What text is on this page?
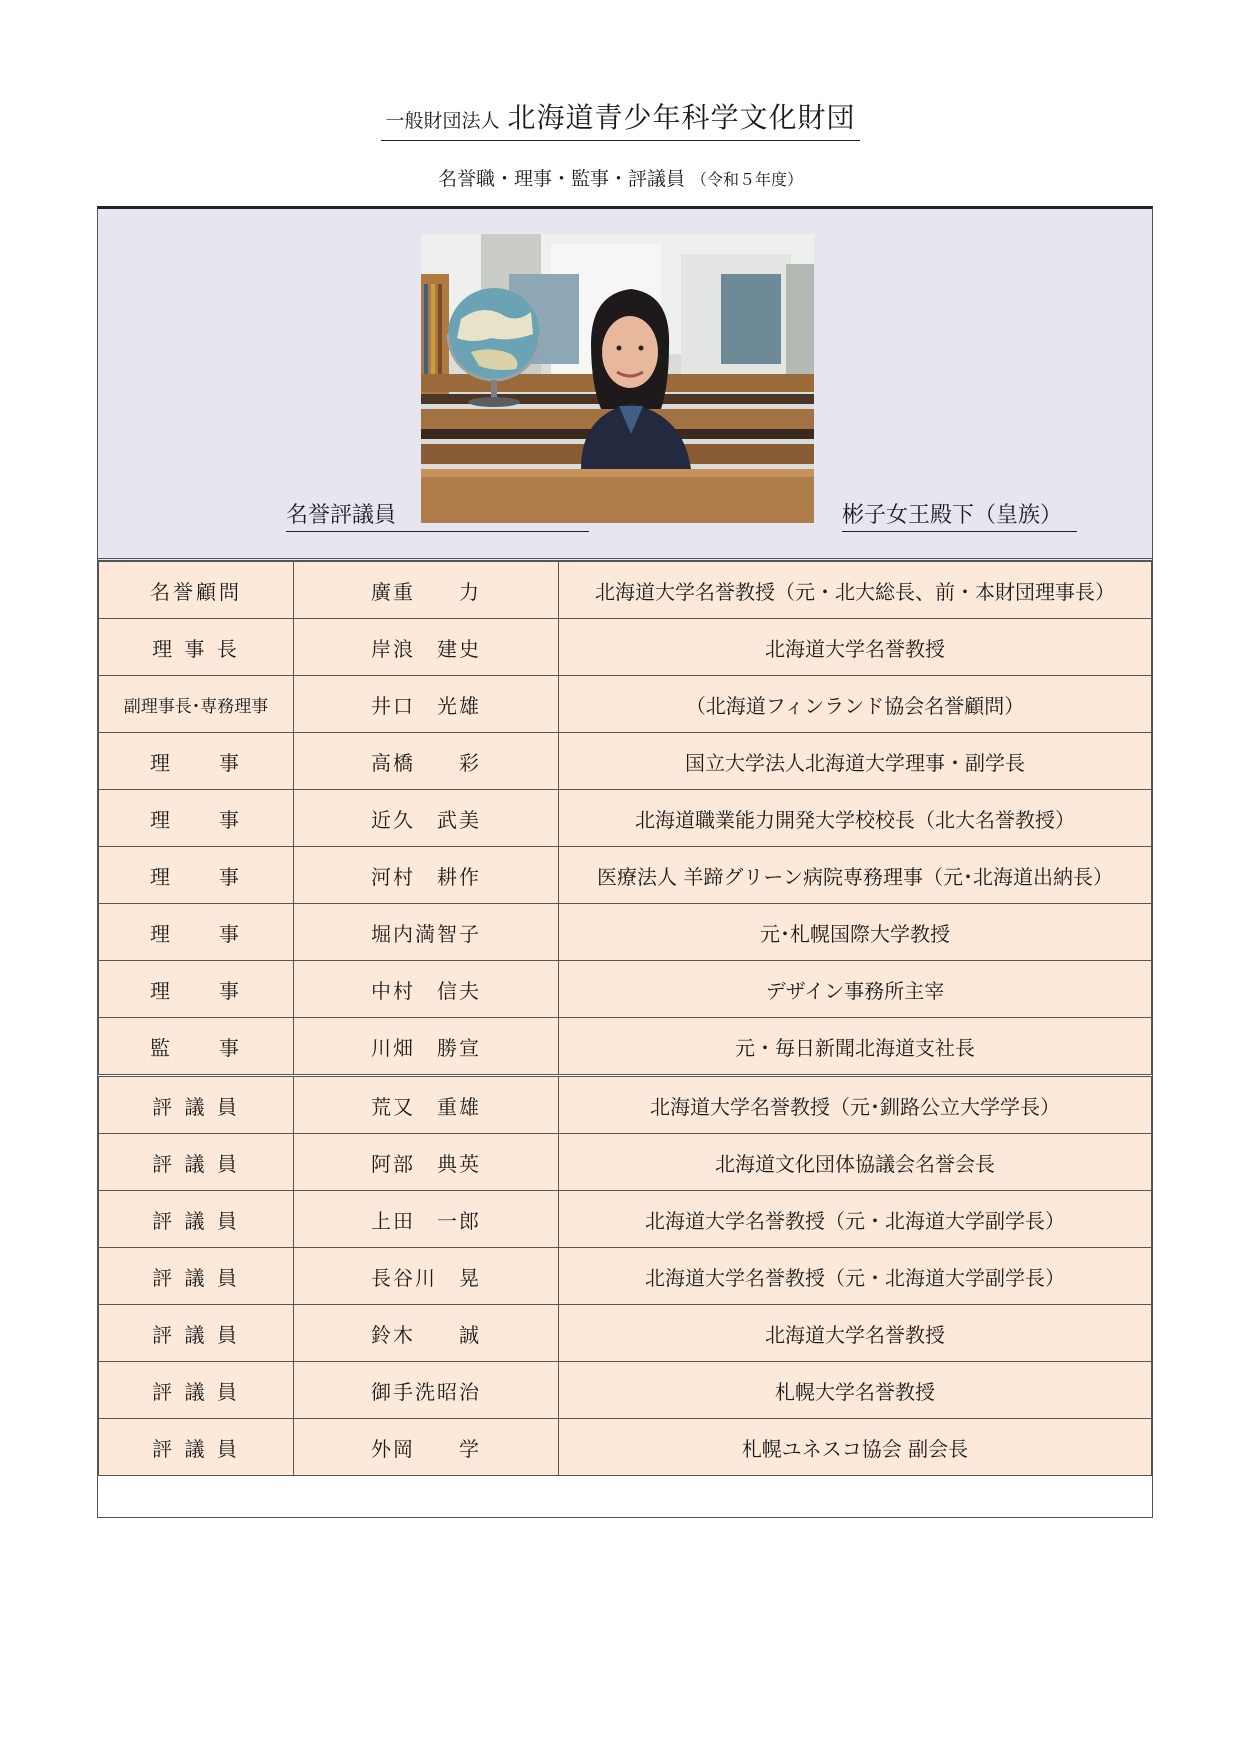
一般財団法人 北海道青少年科学文化財団
名誉職・理事・監事・評議員 （令和５年度）
名誉評議員	彬子女王殿下（皇族）
名誉顧問	廣重　　力	北海道大学名誉教授（元・北大総長、前・本財団理事長）
理 事 長	岸浪　建史	北海道大学名誉教授
副理事長･専務理事	井口　光雄	（北海道フィンランド協会名誉顧問）
理　　事	高橋　　彩	国立大学法人北海道大学理事・副学長
理　　事	近久　武美	北海道職業能力開発大学校校長（北大名誉教授）
理　　事	河村　耕作	医療法人 羊蹄グリーン病院専務理事（元･北海道出納長）
理　　事	堀内満智子	元･札幌国際大学教授
理　　事	中村　信夫	デザイン事務所主宰
監　　事	川畑　勝宣	元・毎日新聞北海道支社長
評 議 員	荒又　重雄	北海道大学名誉教授（元･釧路公立大学学長）
評 議 員	阿部　典英	北海道文化団体協議会名誉会長
評 議 員	上田　一郎	北海道大学名誉教授（元・北海道大学副学長）
評 議 員	長谷川　晃	北海道大学名誉教授（元・北海道大学副学長）
評 議 員	鈴木　　誠	北海道大学名誉教授
評 議 員	御手洗昭治	札幌大学名誉教授
評 議 員	外岡　　学	札幌ユネスコ協会 副会長
